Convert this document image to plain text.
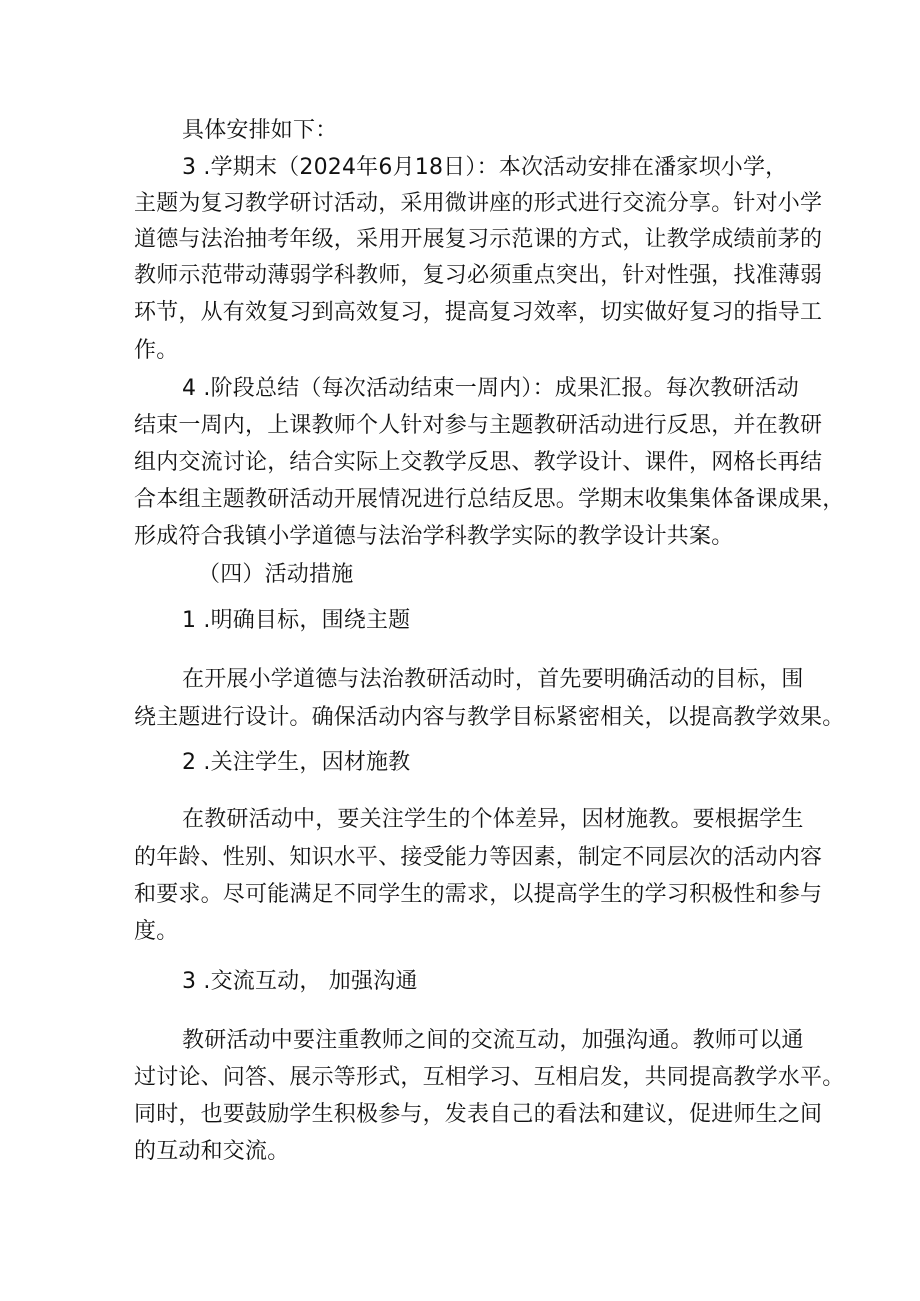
具体安排如下：
3 .学期末（2024年6月18日）：本次活动安排在潘家坝小学，
主题为复习教学研讨活动，采用微讲座的形式进行交流分享。针对小学
道德与法治抽考年级，采用开展复习示范课的方式，让教学成绩前茅的
教师示范带动薄弱学科教师，复习必须重点突出，针对性强，找准薄弱
环节，从有效复习到高效复习，提高复习效率，切实做好复习的指导工
作。
4 .阶段总结（每次活动结束一周内）：成果汇报。每次教研活动
结束一周内，上课教师个人针对参与主题教研活动进行反思，并在教研
组内交流讨论，结合实际上交教学反思、教学设计、课件，网格长再结
合本组主题教研活动开展情况进行总结反思。学期末收集集体备课成果，
形成符合我镇小学道德与法治学科教学实际的教学设计共案。
（四）活动措施
1 .明确目标，围绕主题
在开展小学道德与法治教研活动时，首先要明确活动的目标，围
绕主题进行设计。确保活动内容与教学目标紧密相关，以提高教学效果。
2 .关注学生，因材施教
在教研活动中，要关注学生的个体差异，因材施教。要根据学生
的年龄、性别、知识水平、接受能力等因素，制定不同层次的活动内容
和要求。尽可能满足不同学生的需求，以提高学生的学习积极性和参与
度。
3 .交流互动， 加强沟通
教研活动中要注重教师之间的交流互动，加强沟通。教师可以通
过讨论、问答、展示等形式，互相学习、互相启发，共同提高教学水平。
同时，也要鼓励学生积极参与，发表自己的看法和建议，促进师生之间
的互动和交流。
